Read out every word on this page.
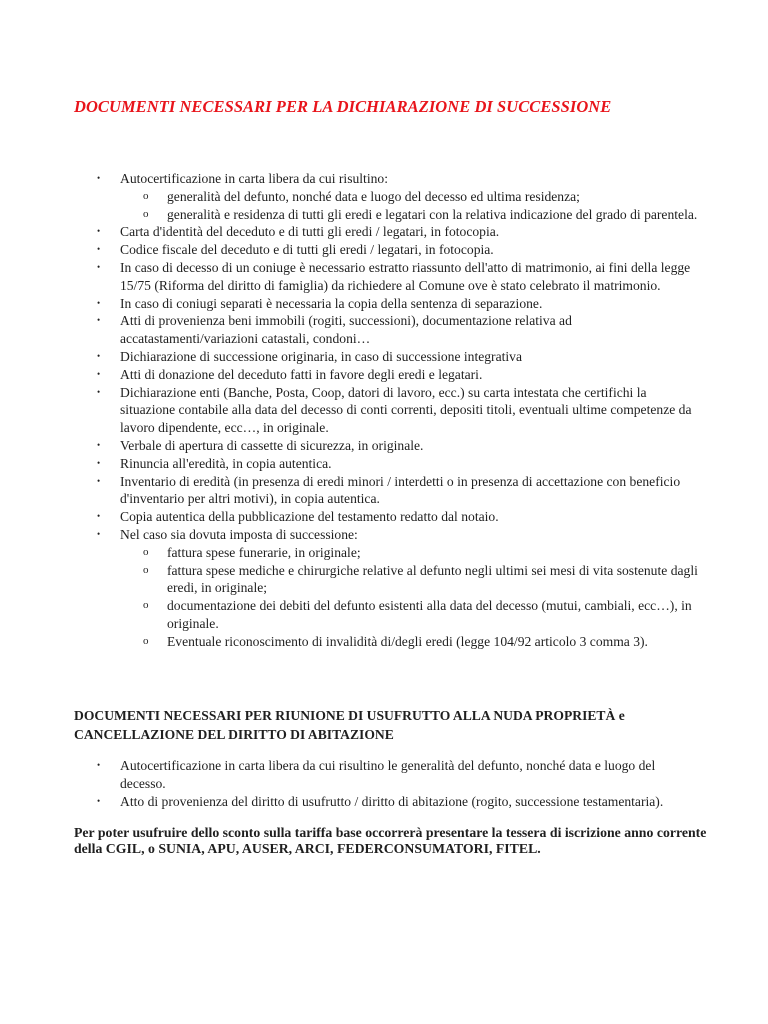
DOCUMENTI NECESSARI PER LA DICHIARAZIONE DI SUCCESSIONE
• Autocertificazione in carta libera da cui risultino:
o generalità del defunto, nonché data e luogo del decesso ed ultima residenza;
o generalità e residenza di tutti gli eredi e legatari con la relativa indicazione del grado di parentela.
• Carta d'identità del deceduto e di tutti gli eredi / legatari, in fotocopia.
• Codice fiscale del deceduto e di tutti gli eredi / legatari, in fotocopia.
• In caso di decesso di un coniuge è necessario estratto riassunto dell'atto di matrimonio, ai fini della legge 15/75 (Riforma del diritto di famiglia) da richiedere al Comune ove è stato celebrato il matrimonio.
• In caso di coniugi separati è necessaria la copia della sentenza di separazione.
• Atti di provenienza beni immobili (rogiti, successioni), documentazione relativa ad accatastamenti/variazioni catastali, condoni…
• Dichiarazione di successione originaria, in caso di successione integrativa
• Atti di donazione del deceduto fatti in favore degli eredi e legatari.
• Dichiarazione enti (Banche, Posta, Coop, datori di lavoro, ecc.) su carta intestata che certifichi la situazione contabile alla data del decesso di conti correnti, depositi titoli, eventuali ultime competenze da lavoro dipendente, ecc…, in originale.
• Verbale di apertura di cassette di sicurezza, in originale.
• Rinuncia all'eredità, in copia autentica.
• Inventario di eredità (in presenza di eredi minori / interdetti o in presenza di accettazione con beneficio d'inventario per altri motivi), in copia autentica.
• Copia autentica della pubblicazione del testamento redatto dal notaio.
• Nel caso sia dovuta imposta di successione:
o fattura spese funerarie, in originale;
o fattura spese mediche e chirurgiche relative al defunto negli ultimi sei mesi di vita sostenute dagli eredi, in originale;
o documentazione dei debiti del defunto esistenti alla data del decesso (mutui, cambiali, ecc…), in originale.
o Eventuale riconoscimento di invalidità di/degli eredi (legge 104/92 articolo 3 comma 3).
DOCUMENTI NECESSARI PER RIUNIONE DI USUFRUTTO ALLA NUDA PROPRIETÀ e CANCELLAZIONE DEL DIRITTO DI ABITAZIONE
• Autocertificazione in carta libera da cui risultino le generalità del defunto, nonché data e luogo del decesso.
• Atto di provenienza del diritto di usufrutto / diritto di abitazione (rogito, successione testamentaria).

Per poter usufruire dello sconto sulla tariffa base occorrerà presentare la tessera di iscrizione anno corrente della CGIL, o SUNIA, APU, AUSER, ARCI, FEDERCONSUMATORI, FITEL.
